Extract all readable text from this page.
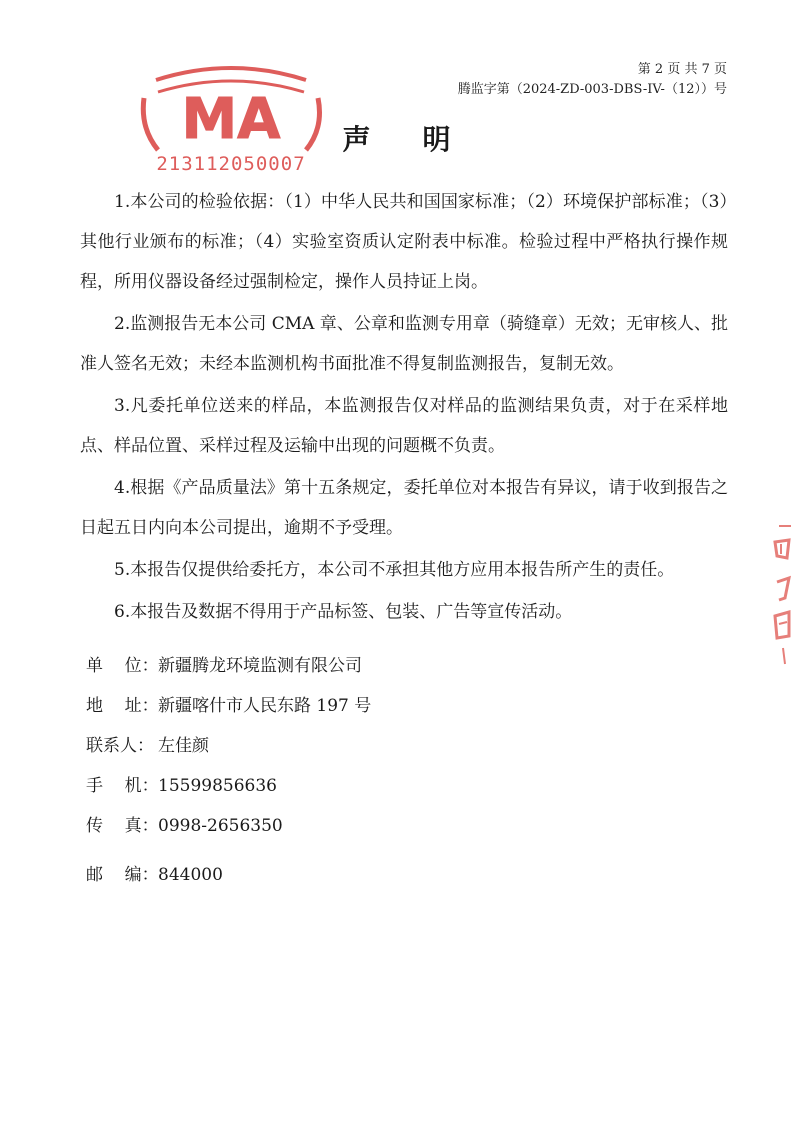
第 2 页 共 7 页
腾监字第（2024-ZD-003-DBS-IV-（12））号
MA
213112050007
声明

1.本公司的检验依据：（1）中华人民共和国国家标准；（2）环境保护部标准；（3）其他行业颁布的标准；（4）实验室资质认定附表中标准。检验过程中严格执行操作规程，所用仪器设备经过强制检定，操作人员持证上岗。

2.监测报告无本公司 CMA 章、公章和监测专用章（骑缝章）无效；无审核人、批准人签名无效；未经本监测机构书面批准不得复制监测报告，复制无效。

3.凡委托单位送来的样品，本监测报告仅对样品的监测结果负责，对于在采样地点、样品位置、采样过程及运输中出现的问题概不负责。

4.根据《产品质量法》第十五条规定，委托单位对本报告有异议，请于收到报告之日起五日内向本公司提出，逾期不予受理。

5.本报告仅提供给委托方，本公司不承担其他方应用本报告所产生的责任。

6.本报告及数据不得用于产品标签、包装、广告等宣传活动。

单    位： 新疆腾龙环境监测有限公司
地    址： 新疆喀什市人民东路 197 号
联系人： 左佳颜
手    机： 15599856636
传    真： 0998-2656350
邮    编： 844000
